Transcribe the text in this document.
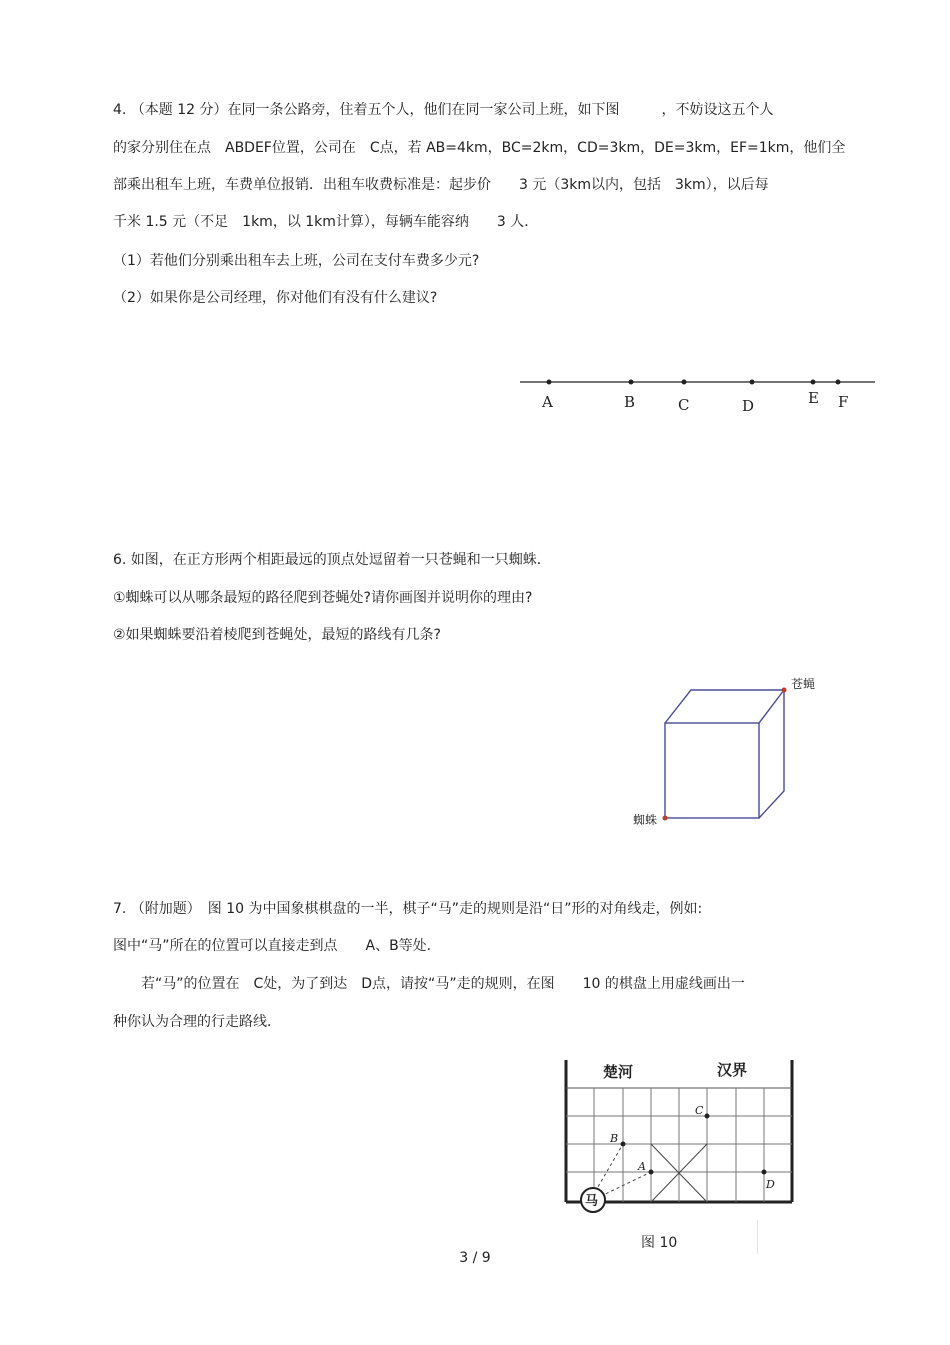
4. （本题 12 分）在同一条公路旁，住着五个人，他们在同一家公司上班，如下图　　　，不妨设这五个人
的家分别住在点　ABDEF位置，公司在　C点，若 AB=4km，BC=2km，CD=3km，DE=3km，EF=1km，他们全
部乘出租车上班，车费单位报销．出租车收费标准是：起步价　　3 元（3km以内，包括　3km），以后每
千米 1.5 元（不足　1km，以 1km计算），每辆车能容纳　　3 人．
（1）若他们分别乘出租车去上班，公司在支付车费多少元?
（2）如果你是公司经理，你对他们有没有什么建议?
A	B	C	D	E F
6. 如图，在正方形两个相距最远的顶点处逗留着一只苍蝇和一只蜘蛛．
①蜘蛛可以从哪条最短的路径爬到苍蝇处?请你画图并说明你的理由?
②如果蜘蛛要沿着棱爬到苍蝇处，最短的路线有几条?
苍蝇
蜘蛛
7. （附加题）　图 10 为中国象棋棋盘的一半，棋子“马”走的规则是沿“日”形的对角线走，例如:
图中“马”所在的位置可以直接走到点　　A、B等处．
　　若“马”的位置在　C处，为了到达　D点，请按“马”走的规则，在图　　10 的棋盘上用虚线画出一
种你认为合理的行走路线．
楚河	汉界
A
B
C
D
马
图 10
3 / 9
